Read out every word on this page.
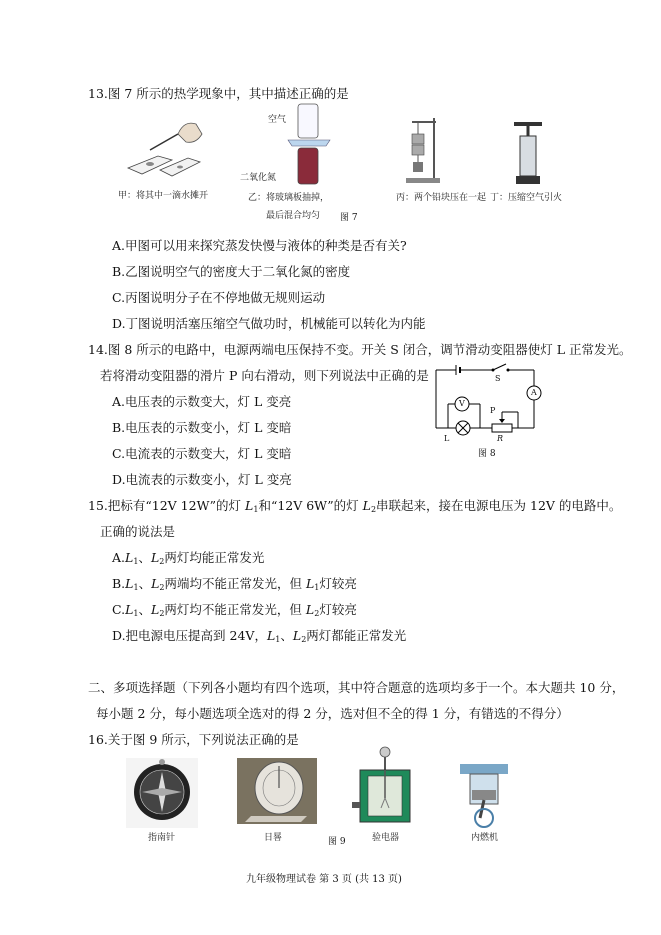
13.图 7 所示的热学现象中，其中描述正确的是
甲：将其中一滴水摊开
空气
二氧化氮
乙：将玻璃板抽掉，
最后混合均匀 图 7
丙：两个铅块压在一起 丁：压缩空气引火
A.甲图可以用来探究蒸发快慢与液体的种类是否有关?
B.乙图说明空气的密度大于二氧化氮的密度
C.丙图说明分子在不停地做无规则运动
D.丁图说明活塞压缩空气做功时，机械能可以转化为内能
14.图 8 所示的电路中，电源两端电压保持不变。开关 S 闭合，调节滑动变阻器使灯 L 正常发光。
若将滑动变阻器的滑片 P 向右滑动，则下列说法中正确的是
A.电压表的示数变大，灯 L 变亮
B.电压表的示数变小，灯 L 变暗
C.电流表的示数变大，灯 L 变暗
D.电流表的示数变小，灯 L 变亮
S
A
V
P
L	R
图 8
15.把标有“12V 12W”的灯 $L_1$和“12V 6W”的灯 $L_2$串联起来，接在电源电压为 12V 的电路中。
正确的说法是
$A.L_1$、$L_2$两灯均能正常发光
$B.L_1$、$L_2$两端均不能正常发光，但 $L_1$灯较亮
$C.L_1$、$L_2$两灯均不能正常发光，但 $L_2$灯较亮
D.把电源电压提高到 24V，$L_1$、$L_2$两灯都能正常发光
二、多项选择题（下列各小题均有四个选项，其中符合题意的选项均多于一个。本大题共 10 分，
每小题 2 分，每小题选项全选对的得 2 分，选对但不全的得 1 分，有错选的不得分）
16.关于图 9 所示，下列说法正确的是
指南针	日晷	验电器	内燃机
图 9
九年级物理试卷 第 3 页 (共 13 页)
